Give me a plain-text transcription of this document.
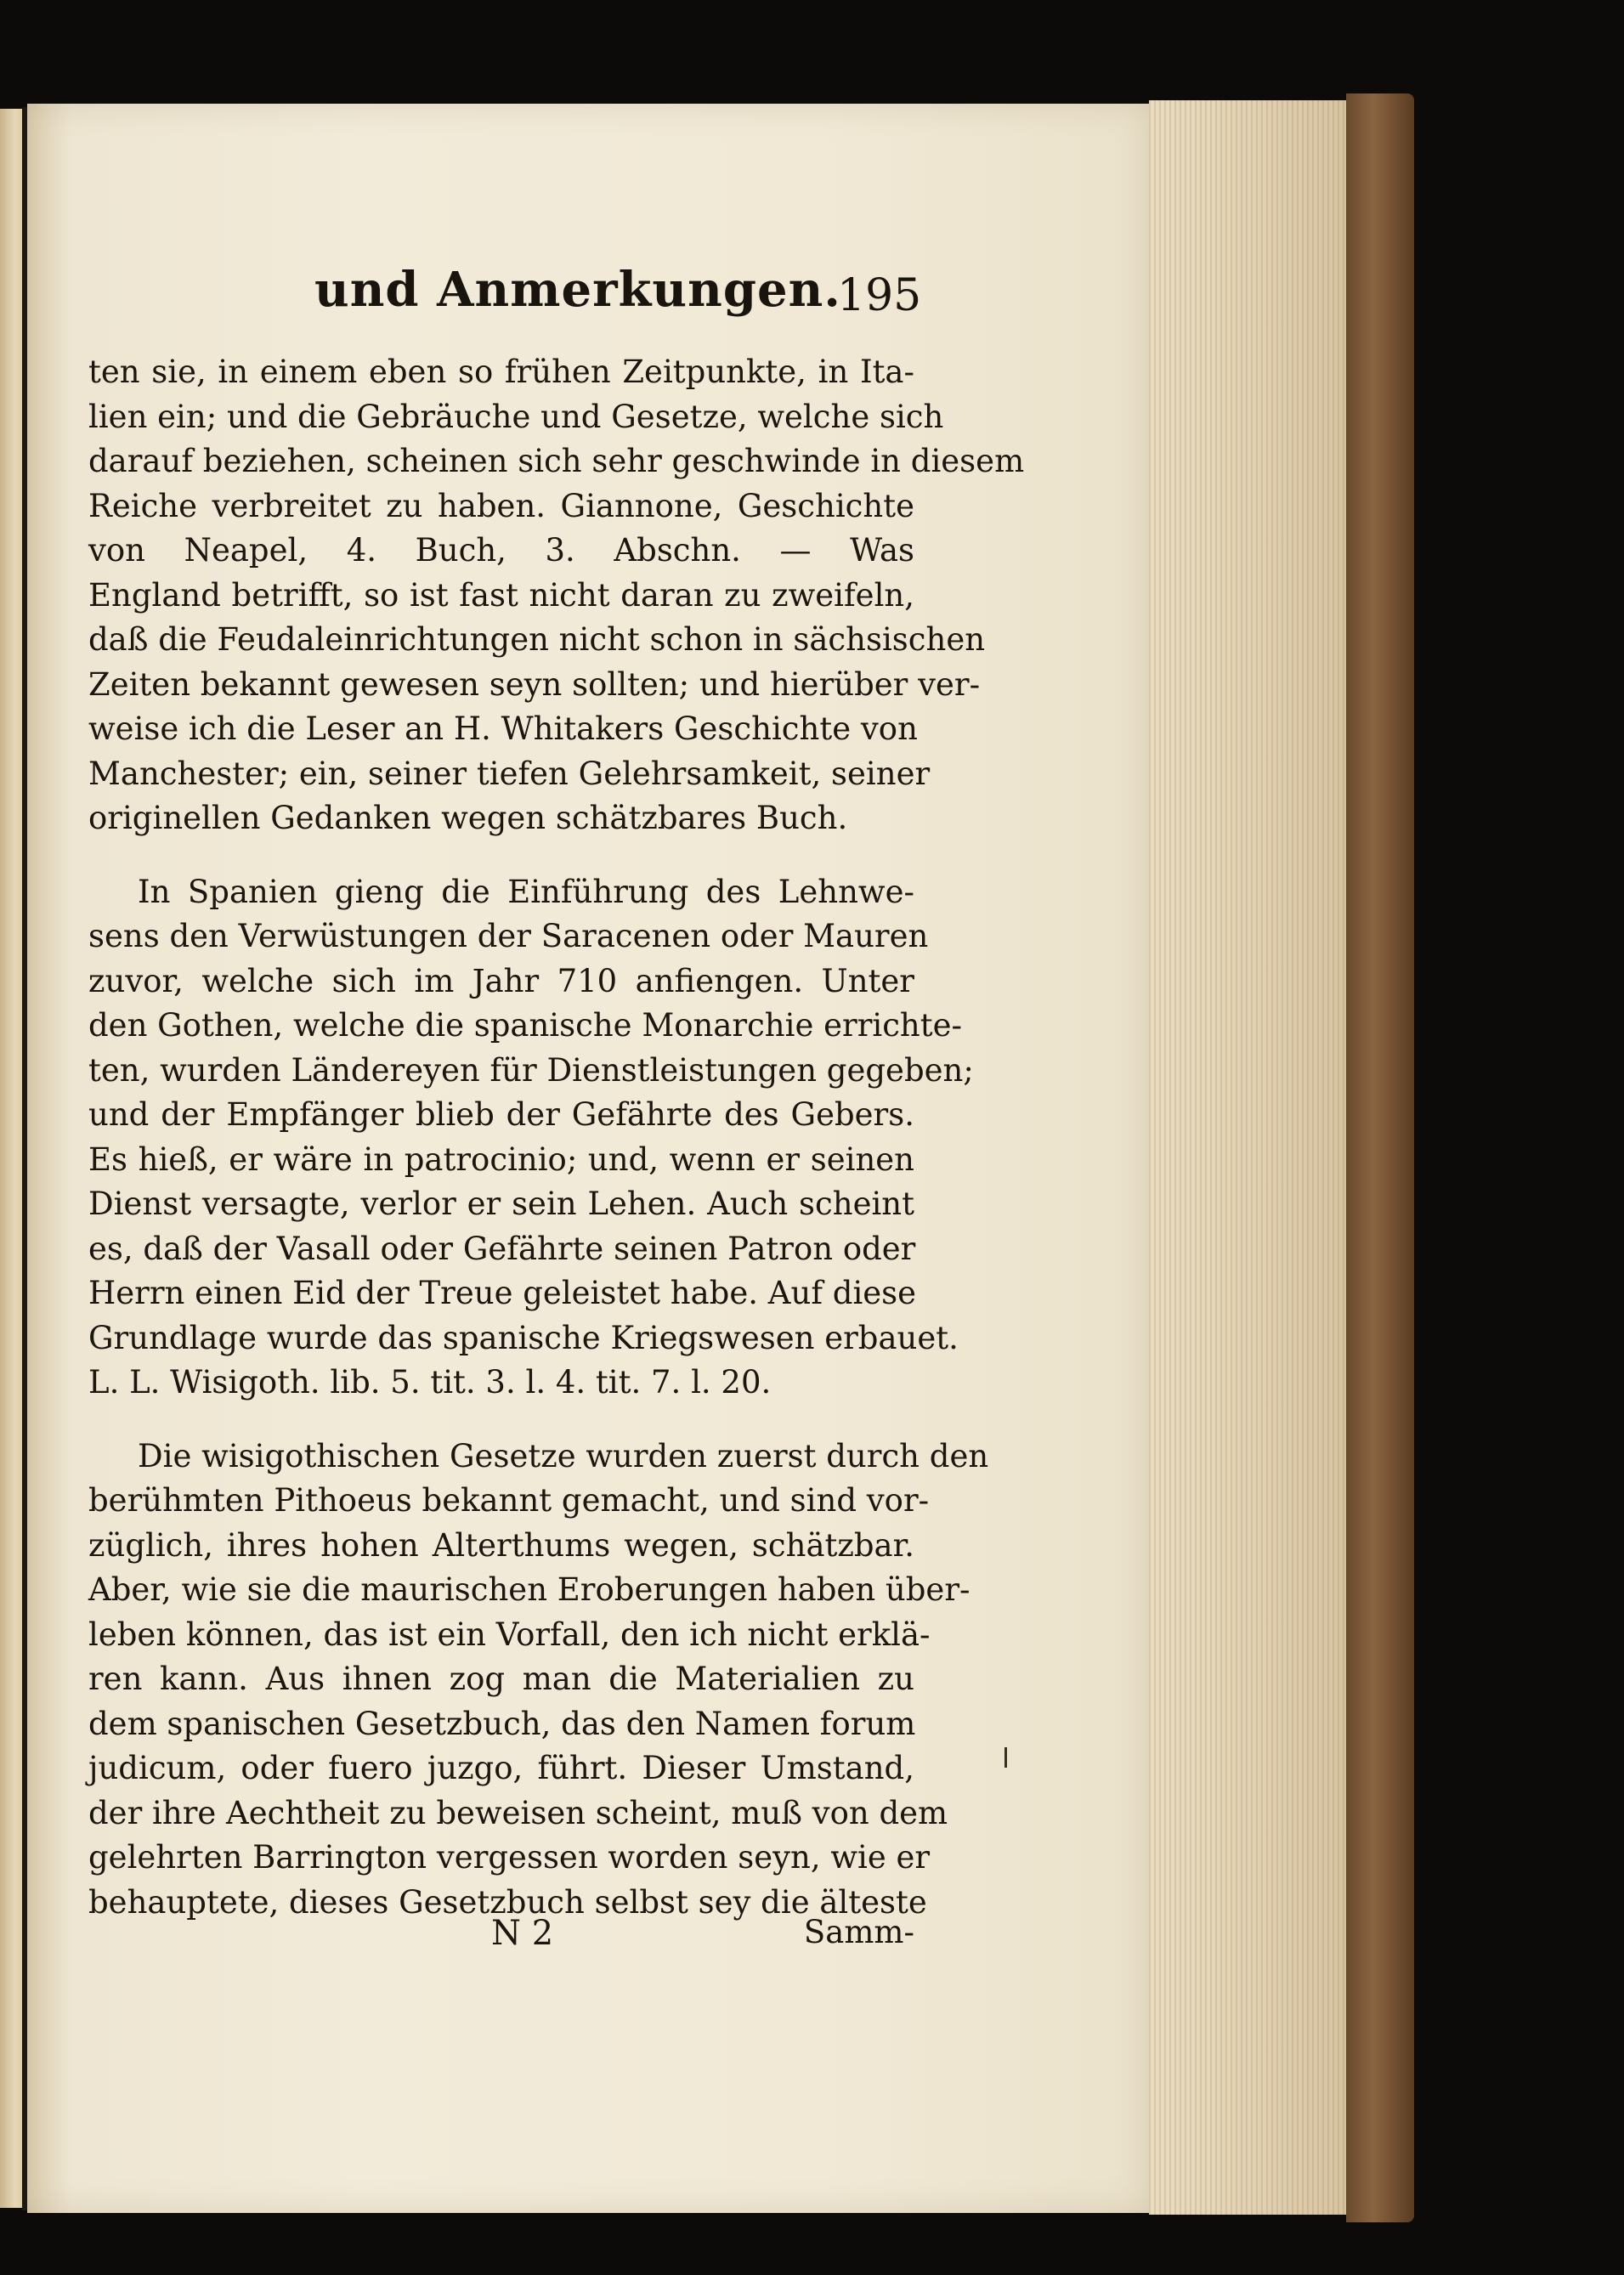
und Anmerkungen.
195
ten sie, in einem eben so frühen Zeitpunkte, in Ita-
lien ein; und die Gebräuche und Gesetze, welche sich
darauf beziehen, scheinen sich sehr geschwinde in diesem
Reiche verbreitet zu haben. Giannone, Geschichte
von Neapel, 4. Buch, 3. Abschn. — Was
England betrifft, so ist fast nicht daran zu zweifeln,
daß die Feudaleinrichtungen nicht schon in sächsischen
Zeiten bekannt gewesen seyn sollten; und hierüber ver-
weise ich die Leser an H. Whitakers Geschichte von
Manchester; ein, seiner tiefen Gelehrsamkeit, seiner
originellen Gedanken wegen schätzbares Buch.
In Spanien gieng die Einführung des Lehnwe-
sens den Verwüstungen der Saracenen oder Mauren
zuvor, welche sich im Jahr 710 anfiengen. Unter
den Gothen, welche die spanische Monarchie errichte-
ten, wurden Ländereyen für Dienstleistungen gegeben;
und der Empfänger blieb der Gefährte des Gebers.
Es hieß, er wäre in patrocinio; und, wenn er seinen
Dienst versagte, verlor er sein Lehen. Auch scheint
es, daß der Vasall oder Gefährte seinen Patron oder
Herrn einen Eid der Treue geleistet habe. Auf diese
Grundlage wurde das spanische Kriegswesen erbauet.
L. L. Wisigoth. lib. 5. tit. 3. l. 4. tit. 7. l. 20.
Die wisigothischen Gesetze wurden zuerst durch den
berühmten Pithoeus bekannt gemacht, und sind vor-
züglich, ihres hohen Alterthums wegen, schätzbar.
Aber, wie sie die maurischen Eroberungen haben über-
leben können, das ist ein Vorfall, den ich nicht erklä-
ren kann. Aus ihnen zog man die Materialien zu
dem spanischen Gesetzbuch, das den Namen forum
judicum, oder fuero juzgo, führt. Dieser Umstand,
der ihre Aechtheit zu beweisen scheint, muß von dem
gelehrten Barrington vergessen worden seyn, wie er
behauptete, dieses Gesetzbuch selbst sey die älteste
N 2	Samm-
